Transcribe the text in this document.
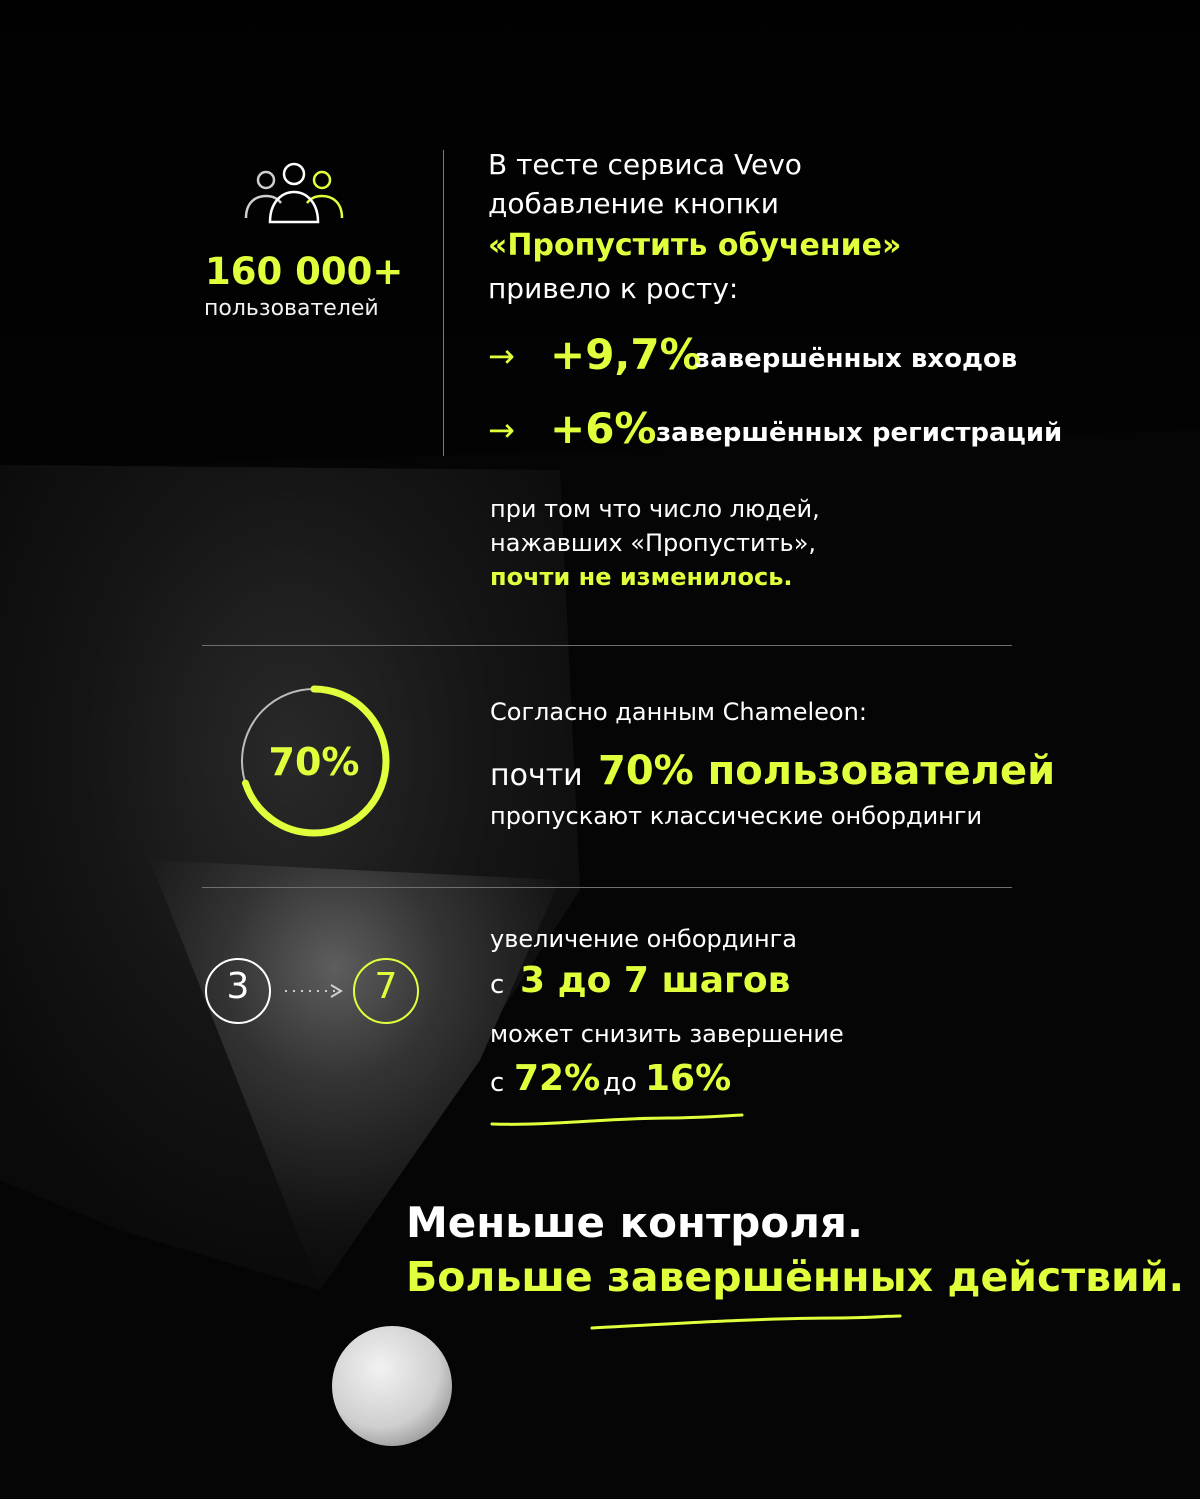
160 000+
пользователей
В тесте сервиса Vevo
добавление кнопки
«Пропустить обучение»
привело к росту:
→ +9,7%
завершённых входов
→ +6% завершённых регистраций
при том что число людей,
нажавших «Пропустить»,
почти не изменилось.
70%
Согласно данным Chameleon:
почти 70% пользователей
пропускают классические онбординги
3	7
увеличение онбординга
с 3 до 7 шагов
может снизить завершение
с 72% до 16%
Меньше контроля.
Больше завершённых действий.
